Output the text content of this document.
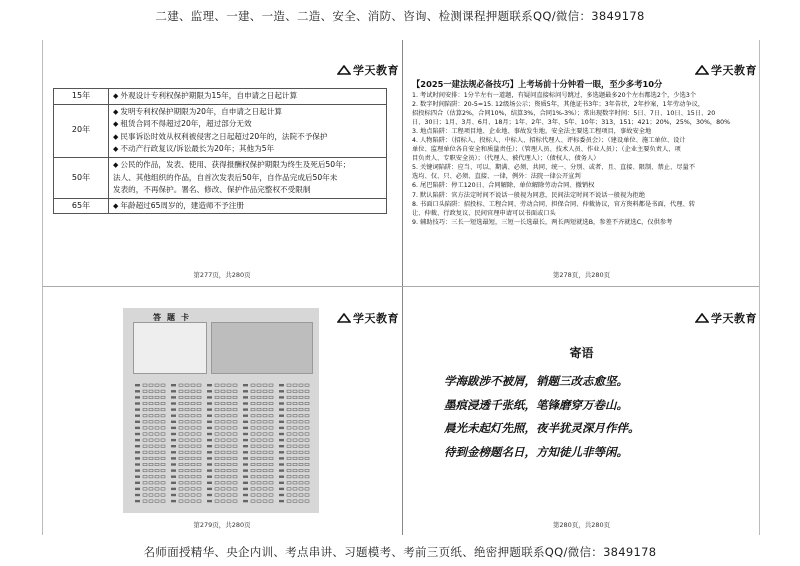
二建、监理、一建、一造、二造、安全、消防、咨询、检测课程押题联系QQ/微信：3849178
学天教育
15年	◆ 外观设计专利权保护期限为15年，自申请之日起计算

20年	◆ 发明专利权保护期限为20年，自申请之日起计算
◆ 租赁合同不得超过20年，超过部分无效
◆ 民事诉讼时效从权利被侵害之日起超过20年的，法院不予保护
◆ 不动产行政复议/诉讼最长为20年；其他为5年

50年	◆ 公民的作品，发表、使用、获得报酬权保护期限为终生及死后50年；
法人、其他组织的作品，自首次发表后50年，自作品完成后50年未
发表的，不再保护。署名、修改、保护作品完整权不受限制

65年	◆ 年龄超过65周岁的，建造师不予注册
第277页，共280页
学天教育
【2025一建法规必备技巧】上考场前十分钟看一眼，至少多考10分
1. 考试时间安排：1分半左右一道题，有疑问直接标问号跳过，多选题最多20个左右都选2个，少选3个
2. 数字时间陷阱：20-5=15. 12级场公示；资质5年，其他证书3年；3年告状，2年抄案，1年劳动争议，
招投标四合（估算2%，合同10%，结算3%，合同1%-3%）；常出现数字时间：5日、7日、10日、15日、20
日、30日；1月、3月、6月、18月；1年、2年、3年、5年、10年；313，151；421；20%，25%，30%，80%
3. 地点陷阱：工程项目地、企业地、事故发生地，安全法主要选工程项目，事故安全地
4. 人物陷阱：（招标人、投标人、中标人、招标代理人、评标委员会）；（建设单位、施工单位、设计
单位、监理单位各自安全和质量责任）；（管理人员、技术人员、作业人员）；（企业主要负责人、项
目负责人、专职安全员）；（代理人、被代理人）；（债权人、债务人）
5. 关键词陷阱：应当、可以、期满、必须、共同、统一、分别、或者、且、直接、限制、禁止、尽量不
选均、仅、只、必须、直接、一律，例外：法院一律公开宣判
6. 尾巴陷阱：停工120日、合同解除、单位解除劳动合同、撤销权
7. 默认陷阱：官方法定时间不说话一般视为同意，民间法定时间不说话一般视为拒绝
8. 书面口头陷阱：招投标、工程合同、劳动合同、担保合同、仲裁协议，官方资料都是书面，代理、转
让、仲裁、行政复议、民间官理申请可以书面或口头
9. 辅助技巧：三长一短选最短，三短一长选最长，两长两短就选B，参差不齐就选C，仅供参考
第278页，共280页
学天教育
答题卡
第279页，共280页
学天教育
寄语
学海跋涉不被屑，销题三改志愈坚。
墨痕浸透千张纸，笔锋磨穿万卷山。
晨光未起灯先照，夜半犹灵深月作伴。
待到金榜题名日，方知徒儿非等闲。
第280页，共280页
名师面授精华、央企内训、考点串讲、习题模考、考前三页纸、绝密押题联系QQ/微信：3849178
